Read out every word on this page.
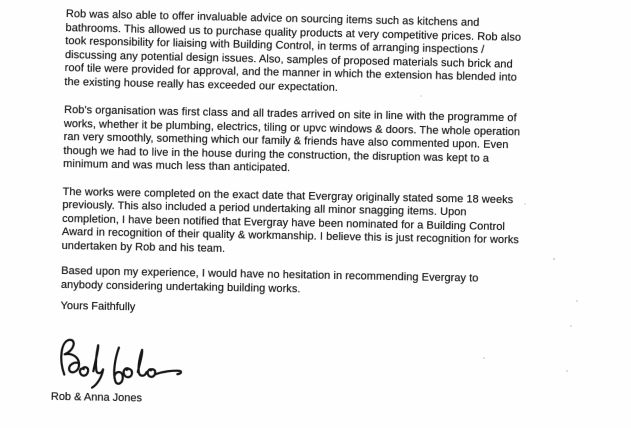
Rob was also able to offer invaluable advice on sourcing items such as kitchens and
bathrooms. This allowed us to purchase quality products at very competitive prices. Rob also
took responsibility for liaising with Building Control, in terms of arranging inspections /
discussing any potential design issues. Also, samples of proposed materials such brick and
roof tile were provided for approval, and the manner in which the extension has blended into
the existing house really has exceeded our expectation.

Rob's organisation was first class and all trades arrived on site in line with the programme of
works, whether it be plumbing, electrics, tiling or upvc windows & doors. The whole operation
ran very smoothly, something which our family & friends have also commented upon. Even
though we had to live in the house during the construction, the disruption was kept to a
minimum and was much less than anticipated.

The works were completed on the exact date that Evergray originally stated some 18 weeks
previously. This also included a period undertaking all minor snagging items. Upon
completion, I have been notified that Evergray have been nominated for a Building Control
Award in recognition of their quality & workmanship. I believe this is just recognition for works
undertaken by Rob and his team.

Based upon my experience, I would have no hesitation in recommending Evergray to
anybody considering undertaking building works.

Yours Faithfully

Rob & Anna Jones
